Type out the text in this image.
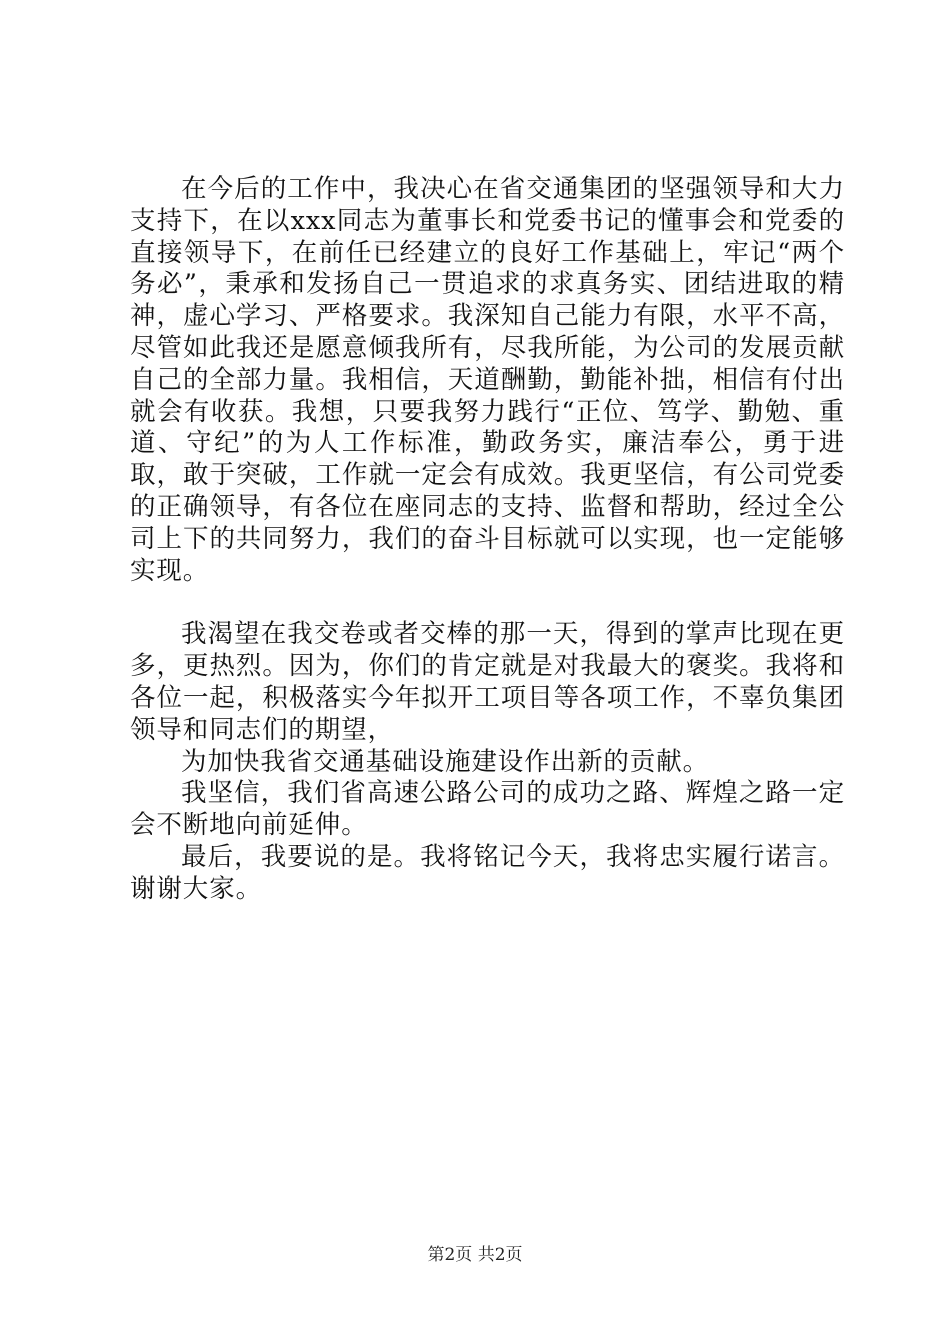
在今后的工作中，我决心在省交通集团的坚强领导和大力支持下，在以xxx同志为董事长和党委书记的懂事会和党委的直接领导下，在前任已经建立的良好工作基础上，牢记“两个务必”，秉承和发扬自己一贯追求的求真务实、团结进取的精神，虚心学习、严格要求。我深知自己能力有限，水平不高，尽管如此我还是愿意倾我所有，尽我所能，为公司的发展贡献自己的全部力量。我相信，天道酬勤，勤能补拙，相信有付出就会有收获。我想，只要我努力践行“正位、笃学、勤勉、重道、守纪”的为人工作标准，勤政务实，廉洁奉公，勇于进取，敢于突破，工作就一定会有成效。我更坚信，有公司党委的正确领导，有各位在座同志的支持、监督和帮助，经过全公司上下的共同努力，我们的奋斗目标就可以实现，也一定能够实现。

我渴望在我交卷或者交棒的那一天，得到的掌声比现在更多，更热烈。因为，你们的肯定就是对我最大的褒奖。我将和各位一起，积极落实今年拟开工项目等各项工作，不辜负集团领导和同志们的期望，

为加快我省交通基础设施建设作出新的贡献。

我坚信，我们省高速公路公司的成功之路、辉煌之路一定会不断地向前延伸。

最后，我要说的是。我将铭记今天，我将忠实履行诺言。谢谢大家。

第2页 共2页
